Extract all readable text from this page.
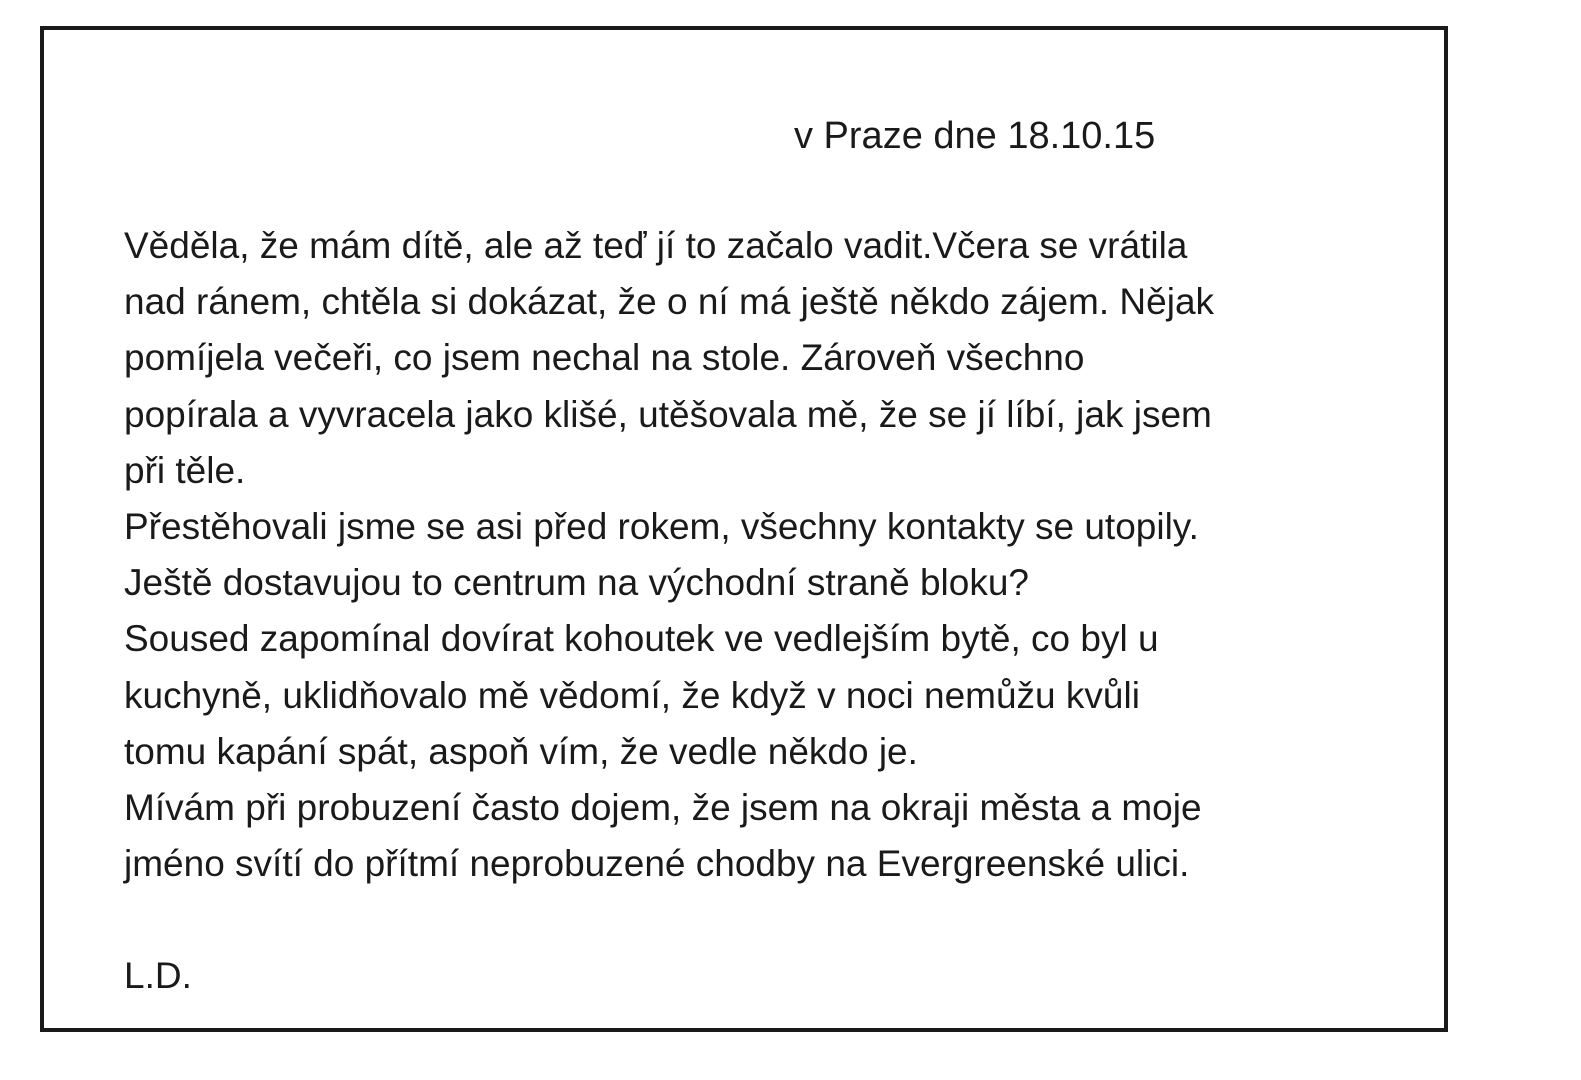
v Praze dne 18.10.15
Věděla, že mám dítě, ale až teď jí to začalo vadit.Včera se vrátila
nad ránem, chtěla si dokázat, že o ní má ještě někdo zájem. Nějak
pomíjela večeři, co jsem nechal na stole. Zároveň všechno
popírala a vyvracela jako klišé, utěšovala mě, že se jí líbí, jak jsem
při těle.
Přestěhovali jsme se asi před rokem, všechny kontakty se utopily.
Ještě dostavujou to centrum na východní straně bloku?
Soused zapomínal dovírat kohoutek ve vedlejším bytě, co byl u
kuchyně, uklidňovalo mě vědomí, že když v noci nemůžu kvůli
tomu kapání spát, aspoň vím, že vedle někdo je.
Mívám při probuzení často dojem, že jsem na okraji města a moje
jméno svítí do přítmí neprobuzené chodby na Evergreenské ulici.
L.D.
